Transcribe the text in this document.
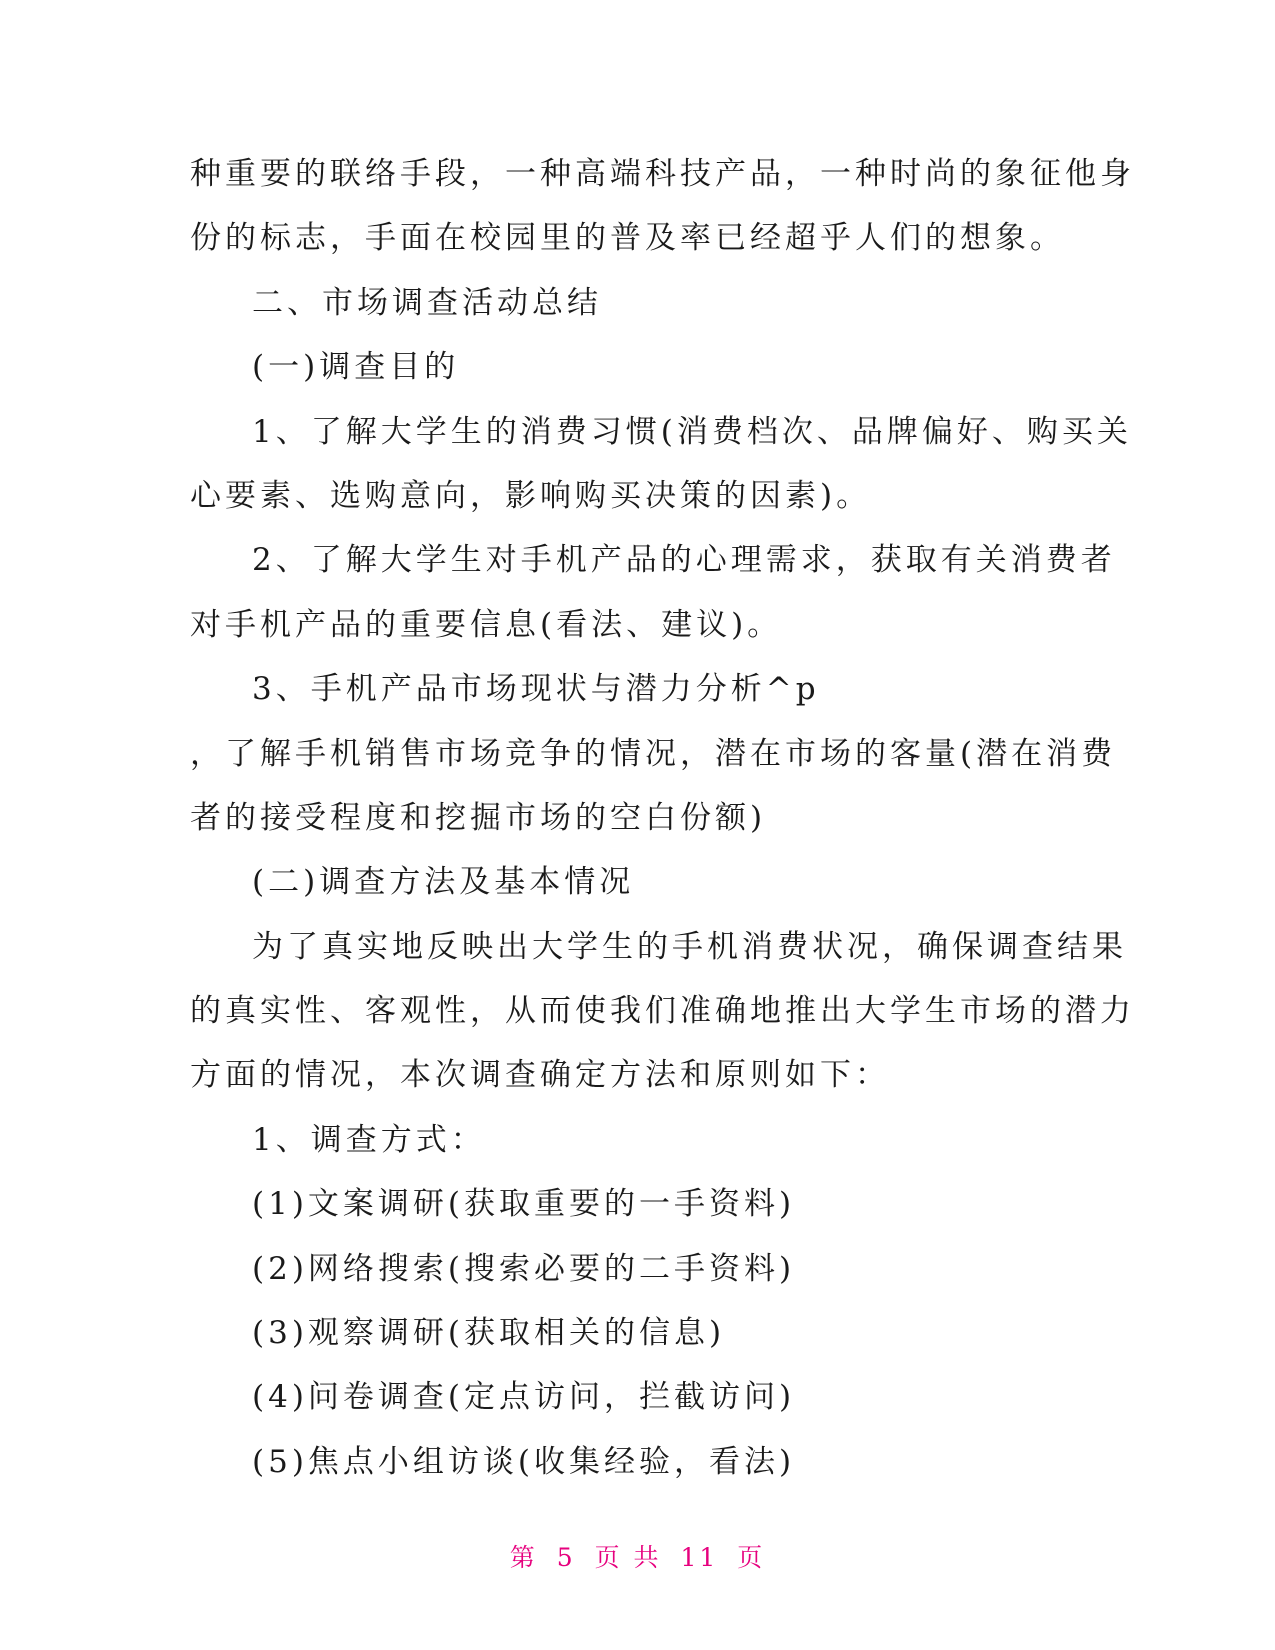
种重要的联络手段，一种高端科技产品，一种时尚的象征他身
份的标志，手面在校园里的普及率已经超乎人们的想象。
二、市场调查活动总结
(一)调查目的
1、了解大学生的消费习惯(消费档次、品牌偏好、购买关
心要素、选购意向，影响购买决策的因素)。
2、了解大学生对手机产品的心理需求，获取有关消费者
对手机产品的重要信息(看法、建议)。
3、手机产品市场现状与潜力分析^p
，了解手机销售市场竞争的情况，潜在市场的客量(潜在消费
者的接受程度和挖掘市场的空白份额)
(二)调查方法及基本情况
为了真实地反映出大学生的手机消费状况，确保调查结果
的真实性、客观性，从而使我们准确地推出大学生市场的潜力
方面的情况，本次调查确定方法和原则如下：
1、调查方式：
(1)文案调研(获取重要的一手资料)
(2)网络搜索(搜索必要的二手资料)
(3)观察调研(获取相关的信息)
(4)问卷调查(定点访问，拦截访问)
(5)焦点小组访谈(收集经验，看法)
第 5 页 共 11 页
